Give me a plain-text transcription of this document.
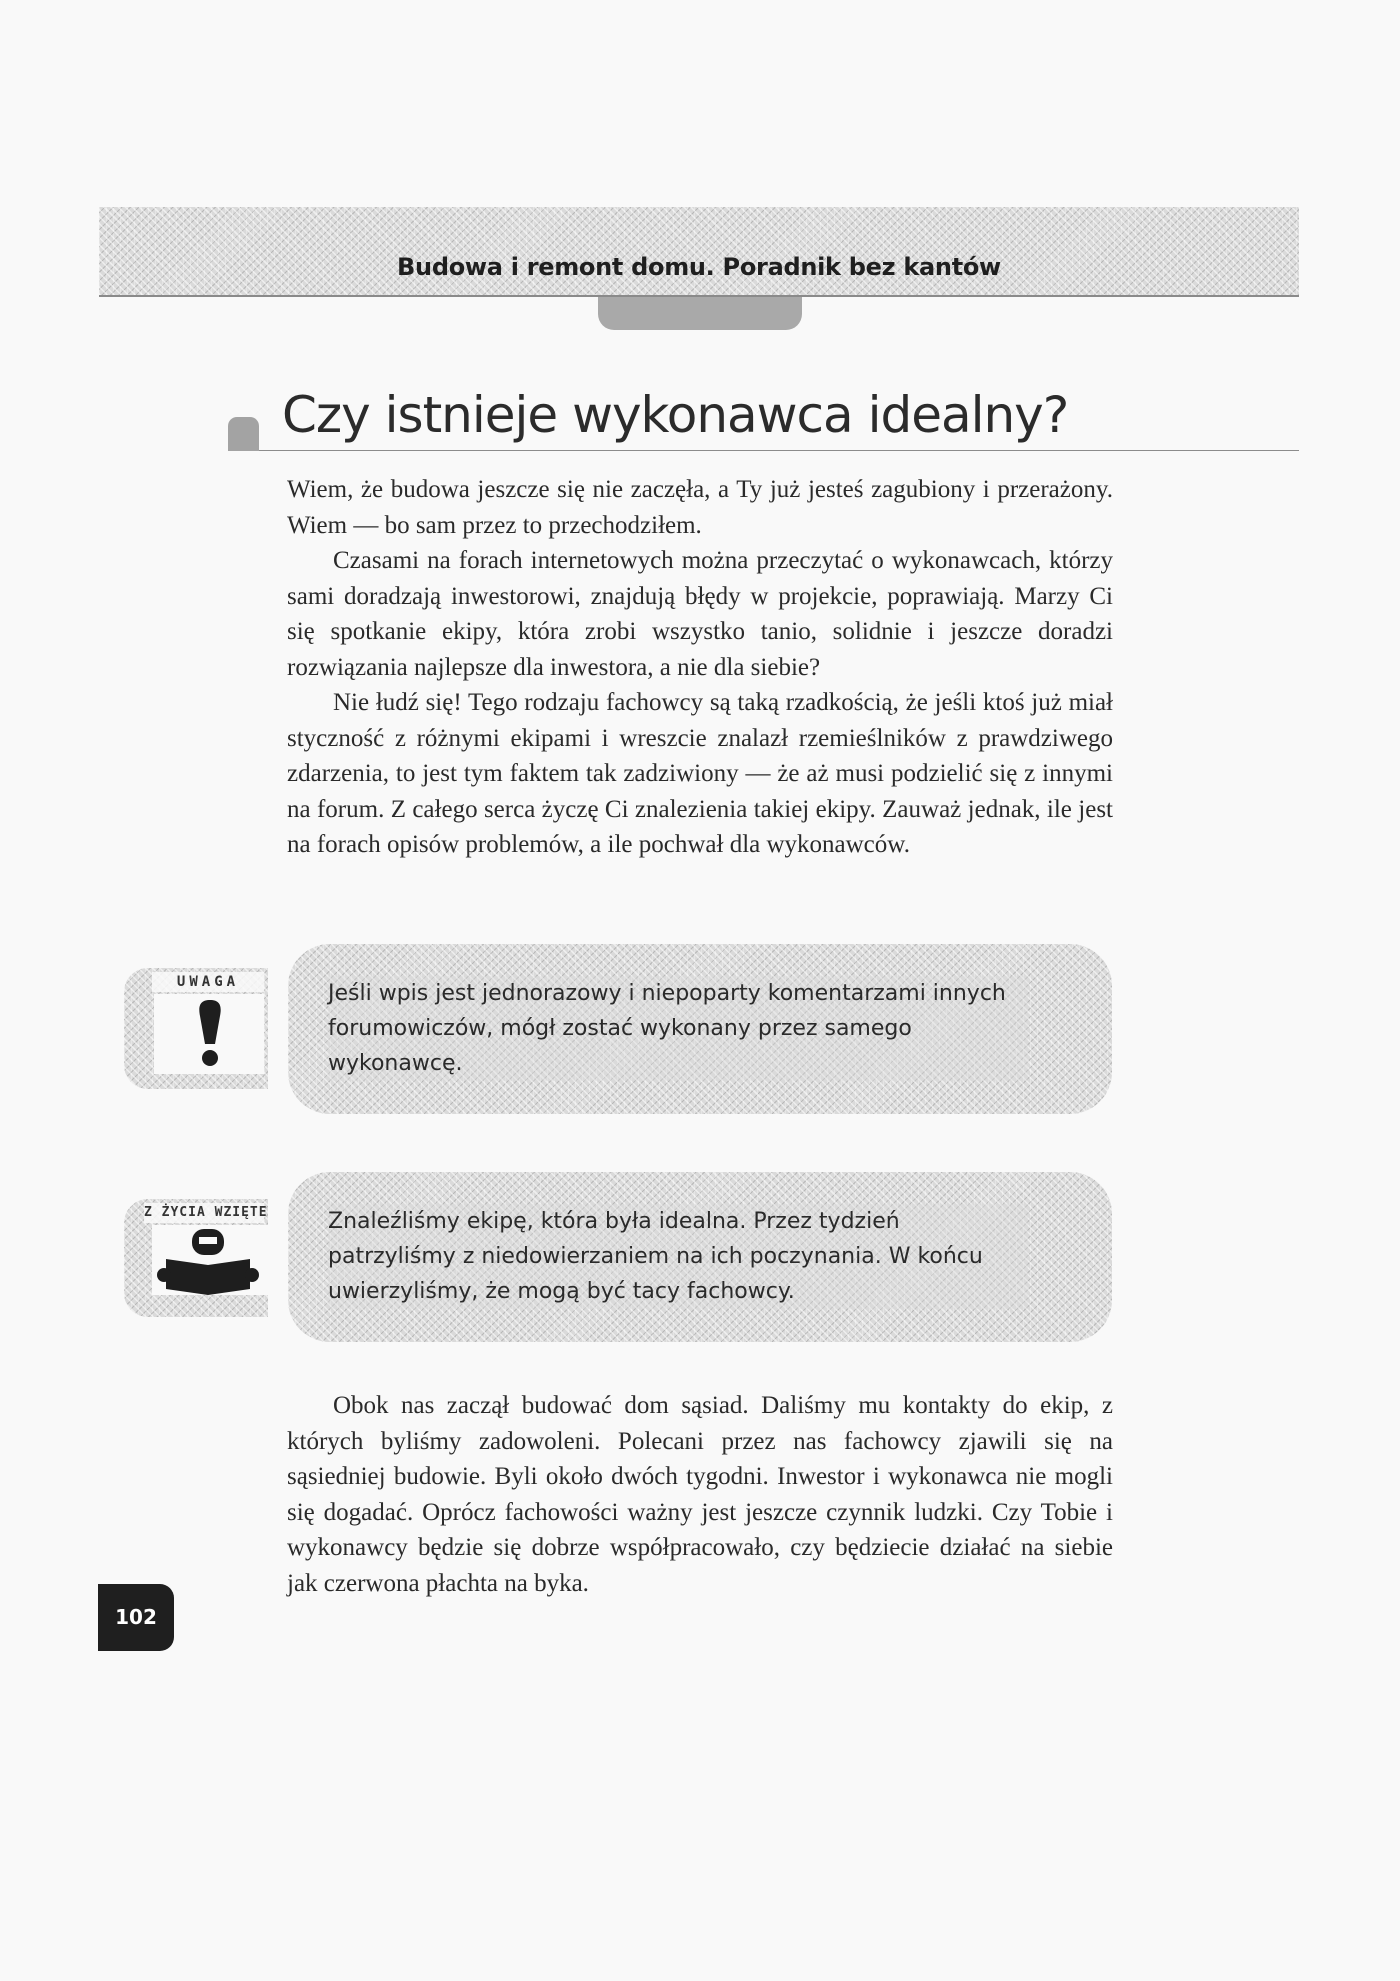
Budowa i remont domu. Poradnik bez kantów
Czy istnieje wykonawca idealny?

Wiem, że budowa jeszcze się nie zaczęła, a Ty już jesteś zagubiony i przerażony. Wiem — bo sam przez to przechodziłem.

Czasami na forach internetowych można przeczytać o wykonawcach, którzy sami doradzają inwestorowi, znajdują błędy w projekcie, poprawiają. Marzy Ci się spotkanie ekipy, która zrobi wszystko tanio, solidnie i jeszcze doradzi rozwiązania najlepsze dla inwestora, a nie dla siebie?

Nie łudź się! Tego rodzaju fachowcy są taką rzadkością, że jeśli ktoś już miał styczność z różnymi ekipami i wreszcie znalazł rzemieślników z prawdziwego zdarzenia, to jest tym faktem tak zadziwiony — że aż musi podzielić się z innymi na forum. Z całego serca życzę Ci znalezienia takiej ekipy. Zauważ jednak, ile jest na forach opisów problemów, a ile pochwał dla wykonawców.

UWAGA	Jeśli wpis jest jednorazowy i niepoparty komentarzami innych forumowiczów, mógł zostać wykonany przez samego wykonawcę.
Z ŻYCIA WZIĘTE	Znaleźliśmy ekipę, która była idealna. Przez tydzień patrzyliśmy z niedowierzaniem na ich poczynania. W końcu uwierzyliśmy, że mogą być tacy fachowcy.

Obok nas zaczął budować dom sąsiad. Daliśmy mu kontakty do ekip, z których byliśmy zadowoleni. Polecani przez nas fachowcy zjawili się na sąsiedniej budowie. Byli około dwóch tygodni. Inwestor i wykonawca nie mogli się dogadać. Oprócz fachowości ważny jest jeszcze czynnik ludzki. Czy Tobie i wykonawcy będzie się dobrze współpracowało, czy będziecie działać na siebie jak czerwona płachta na byka.

102
